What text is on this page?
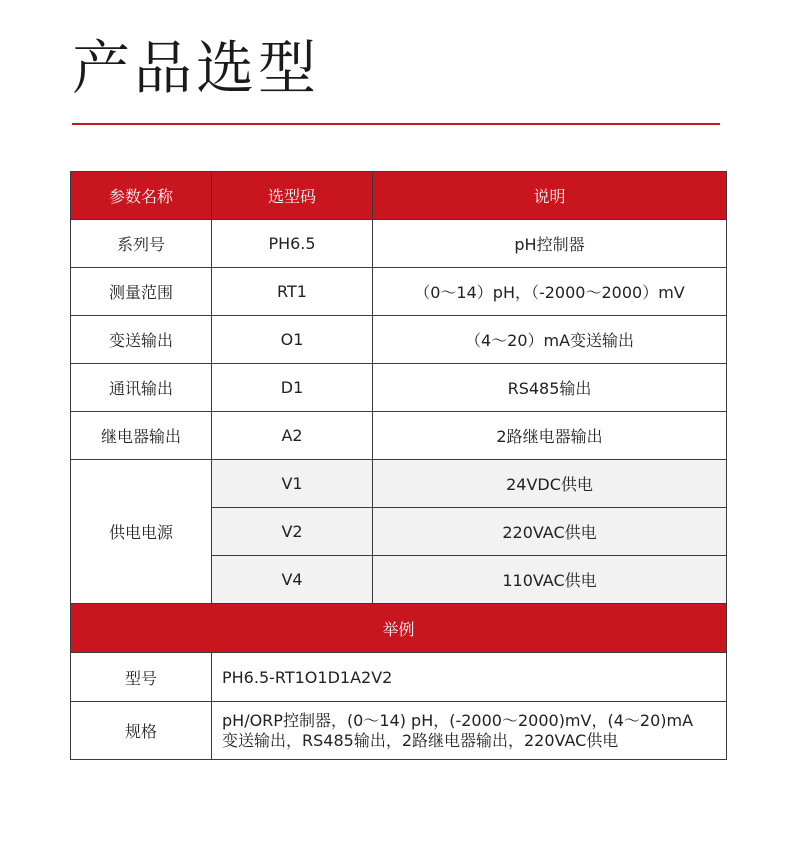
产品选型
参数名称	选型码	说明
系列号	PH6.5	pH控制器
测量范围	RT1	（0～14）pH，（-2000～2000）mV
变送输出	O1	（4～20）mA变送输出
通讯输出	D1	RS485输出
继电器输出	A2	2路继电器输出
供电电源	V1	24VDC供电
	V2	220VAC供电
	V4	110VAC供电
举例		
型号	PH6.5-RT1O1D1A2V2	
规格	pH/ORP控制器，(0～14) pH，(-2000～2000)mV，(4～20)mA
变送输出，RS485输出，2路继电器输出，220VAC供电	
